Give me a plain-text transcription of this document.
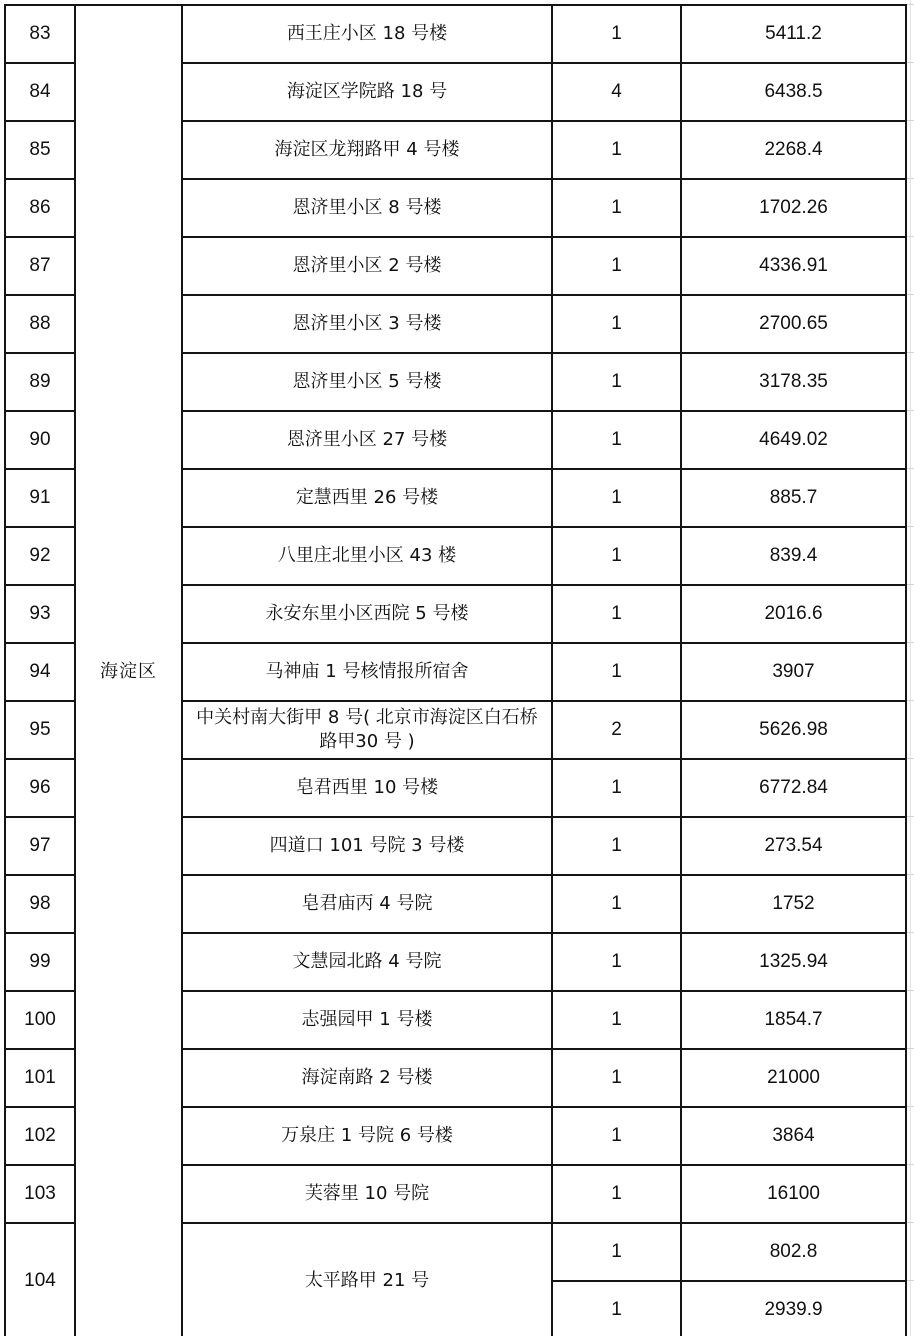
83	海淀区	西王庄小区 18 号楼	1	5411.2
84		海淀区学院路 18 号	4	6438.5
85		海淀区龙翔路甲 4 号楼	1	2268.4
86		恩济里小区 8 号楼	1	1702.26
87		恩济里小区 2 号楼	1	4336.91
88		恩济里小区 3 号楼	1	2700.65
89		恩济里小区 5 号楼	1	3178.35
90		恩济里小区 27 号楼	1	4649.02
91		定慧西里 26 号楼	1	885.7
92		八里庄北里小区 43 楼	1	839.4
93		永安东里小区西院 5 号楼	1	2016.6
94		马神庙 1 号核情报所宿舍	1	3907
95		中关村南大街甲 8 号( 北京市海淀区白石桥路甲30 号 )	2	5626.98
96		皂君西里 10 号楼	1	6772.84
97		四道口 101 号院 3 号楼	1	273.54
98		皂君庙丙 4 号院	1	1752
99		文慧园北路 4 号院	1	1325.94
100		志强园甲 1 号楼	1	1854.7
101		海淀南路 2 号楼	1	21000
102		万泉庄 1 号院 6 号楼	1	3864
103		芙蓉里 10 号院	1	16100
104		太平路甲 21 号	1	802.8
			1	2939.9
